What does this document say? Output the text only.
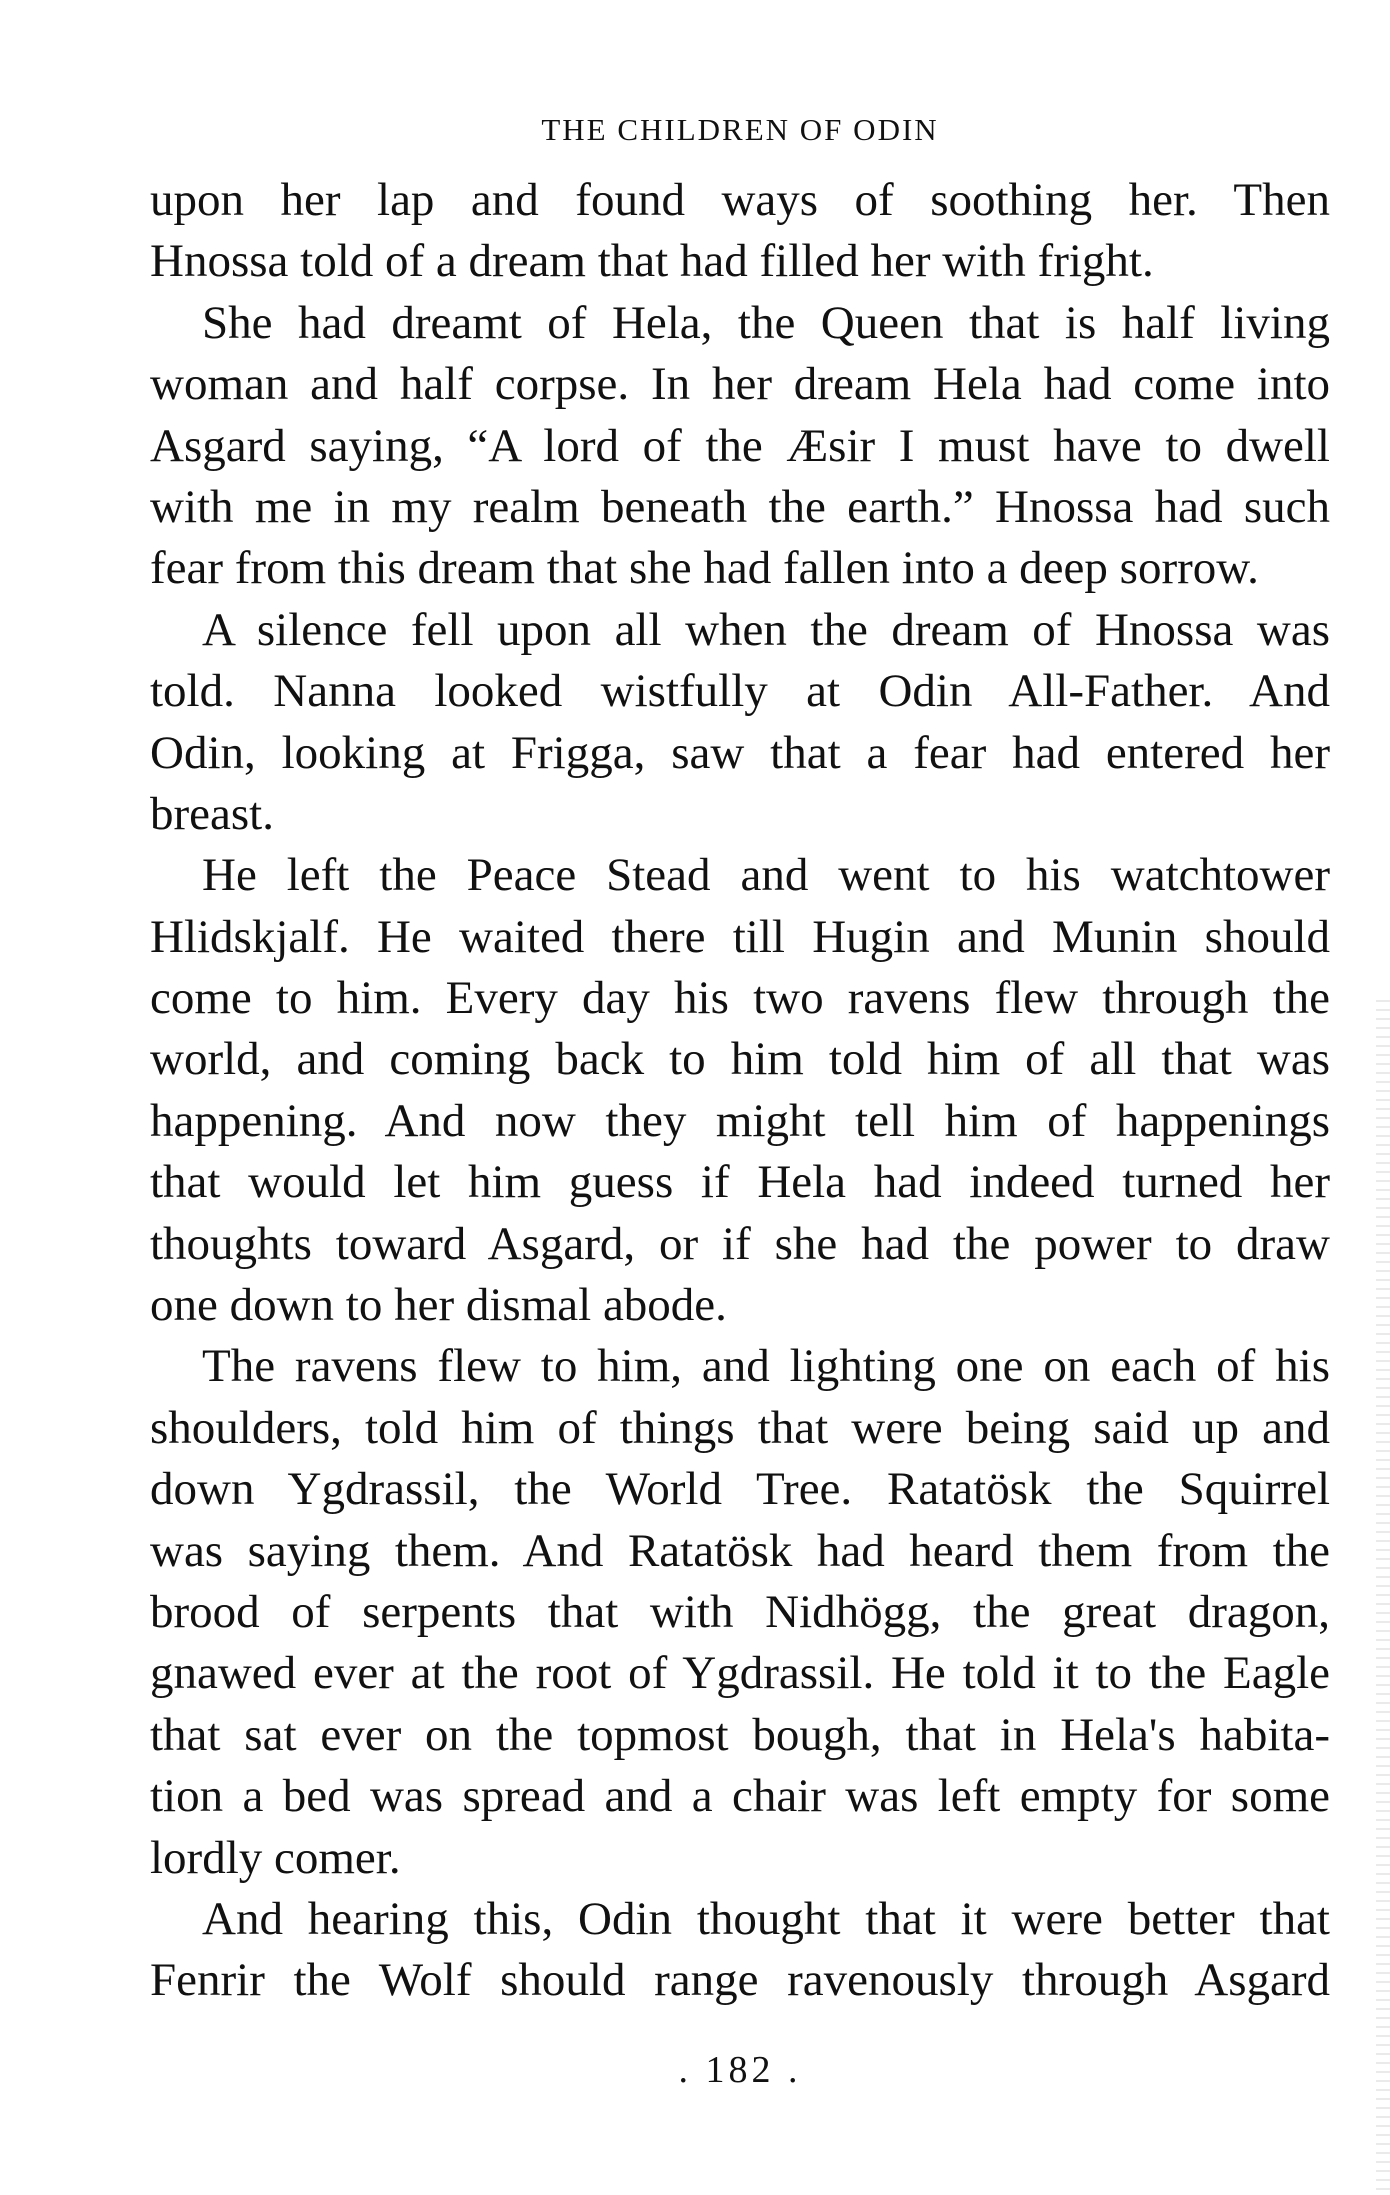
THE CHILDREN OF ODIN
upon her lap and found ways of soothing her. Then
Hnossa told of a dream that had filled her with fright.
She had dreamt of Hela, the Queen that is half living
woman and half corpse. In her dream Hela had come into
Asgard saying, “A lord of the Æsir I must have to dwell
with me in my realm beneath the earth.” Hnossa had such
fear from this dream that she had fallen into a deep sorrow.
A silence fell upon all when the dream of Hnossa was
told. Nanna looked wistfully at Odin All-Father. And
Odin, looking at Frigga, saw that a fear had entered her
breast.
He left the Peace Stead and went to his watchtower
Hlidskjalf. He waited there till Hugin and Munin should
come to him. Every day his two ravens flew through the
world, and coming back to him told him of all that was
happening. And now they might tell him of happenings
that would let him guess if Hela had indeed turned her
thoughts toward Asgard, or if she had the power to draw
one down to her dismal abode.
The ravens flew to him, and lighting one on each of his
shoulders, told him of things that were being said up and
down Ygdrassil, the World Tree. Ratatösk the Squirrel
was saying them. And Ratatösk had heard them from the
brood of serpents that with Nidhögg, the great dragon,
gnawed ever at the root of Ygdrassil. He told it to the Eagle
that sat ever on the topmost bough, that in Hela's habita-
tion a bed was spread and a chair was left empty for some
lordly comer.
And hearing this, Odin thought that it were better that
Fenrir the Wolf should range ravenously through Asgard
. 182 .
